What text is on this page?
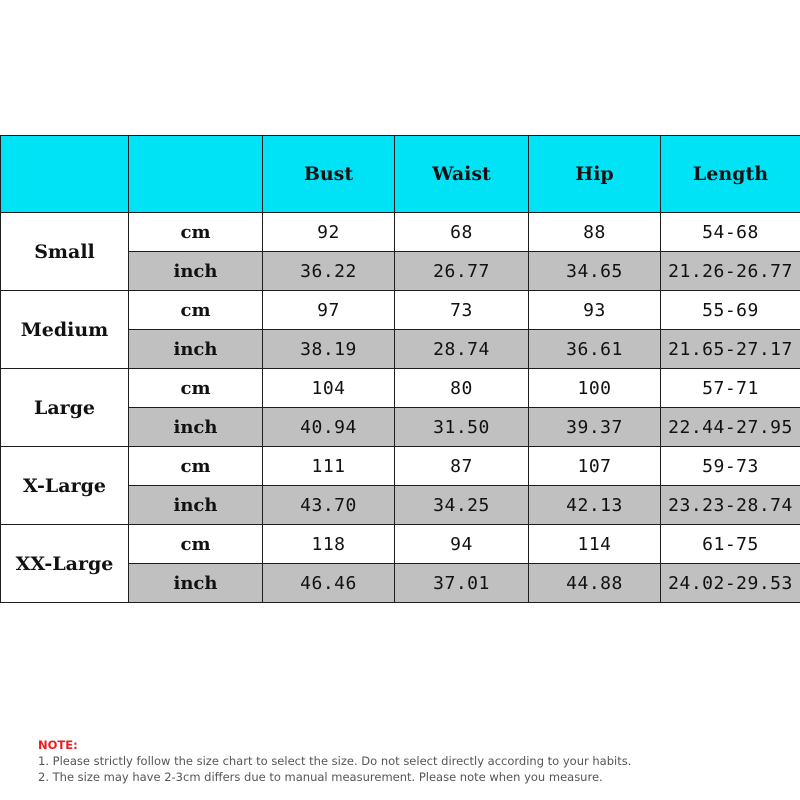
		Bust	Waist	Hip	Length
Small	cm	92	68	88	54-68
	inch	36.22	26.77	34.65	21.26-26.77
Medium	cm	97	73	93	55-69
	inch	38.19	28.74	36.61	21.65-27.17
Large	cm	104	80	100	57-71
	inch	40.94	31.50	39.37	22.44-27.95
X-Large	cm	111	87	107	59-73
	inch	43.70	34.25	42.13	23.23-28.74
XX-Large	cm	118	94	114	61-75
	inch	46.46	37.01	44.88	24.02-29.53
NOTE:
1. Please strictly follow the size chart to select the size. Do not select directly according to your habits.
2. The size may have 2-3cm differs due to manual measurement. Please note when you measure.
